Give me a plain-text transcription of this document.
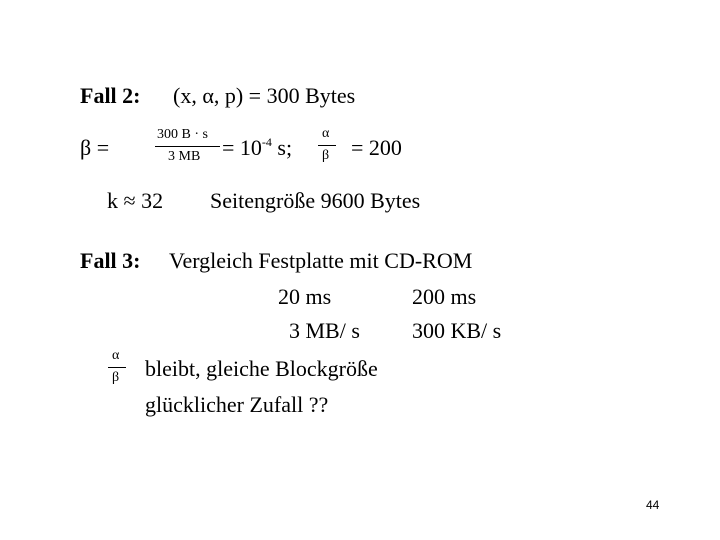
Fall 2: (x, α, p) = 300 Bytes
β =
300 B · s
3 MB = $10^{-4}$ s;
α
β = 200
k ≈ 32 Seitengröße 9600 Bytes
Fall 3: Vergleich Festplatte mit CD-ROM
20 ms	200 ms
3 MB/ s 300 KB/ s
α
β bleibt, gleiche Blockgröße
glücklicher Zufall ??
44
